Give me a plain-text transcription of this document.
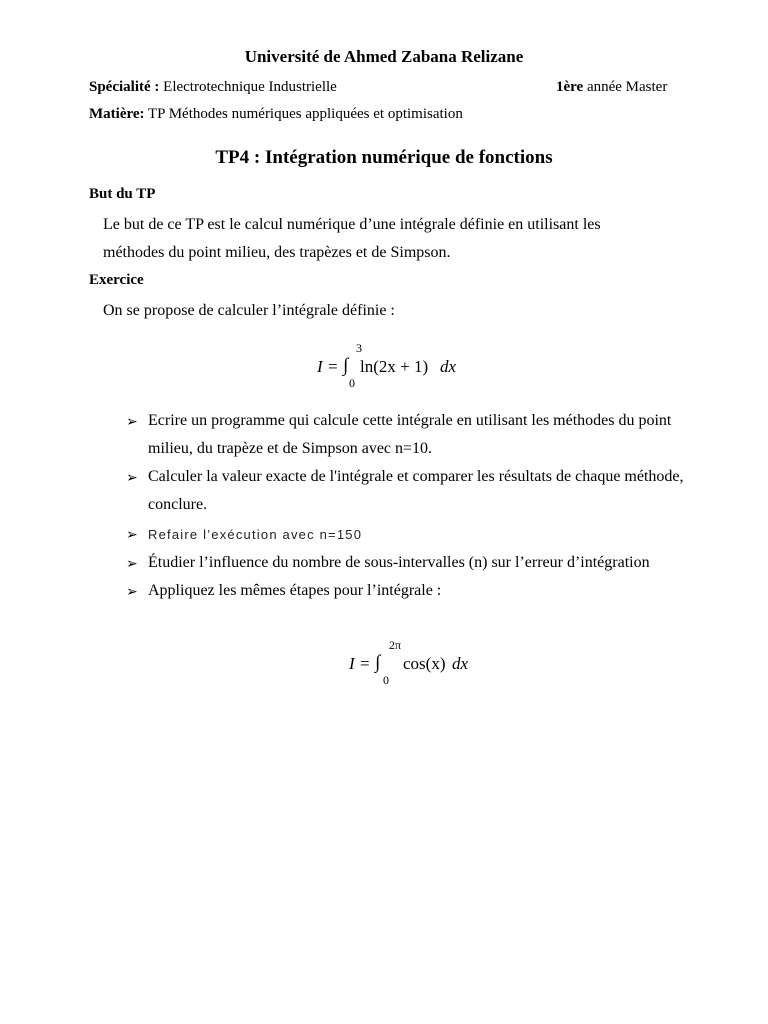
Université de Ahmed Zabana Relizane
Spécialité : Electrotechnique Industrielle	1ère année Master
Matière: TP Méthodes numériques appliquées et optimisation
TP4 : Intégration numérique de fonctions
But du TP
Le but de ce TP est le calcul numérique d’une intégrale définie en utilisant les
méthodes du point milieu, des trapèzes et de Simpson.
Exercice
On se propose de calculer l’intégrale définie :
I = ∫
3
0
ln(2x + 1) dx
➢ Ecrire un programme qui calcule cette intégrale en utilisant les méthodes du point
milieu, du trapèze et de Simpson avec n=10.
➢ Calculer la valeur exacte de l'intégrale et comparer les résultats de chaque méthode,
conclure.
➢ Refaire l’exécution avec n=150
➢ Étudier l’influence du nombre de sous-intervalles (n) sur l’erreur d’intégration
➢ Appliquez les mêmes étapes pour l’intégrale :
I = ∫
2π
0
cos(x) dx
